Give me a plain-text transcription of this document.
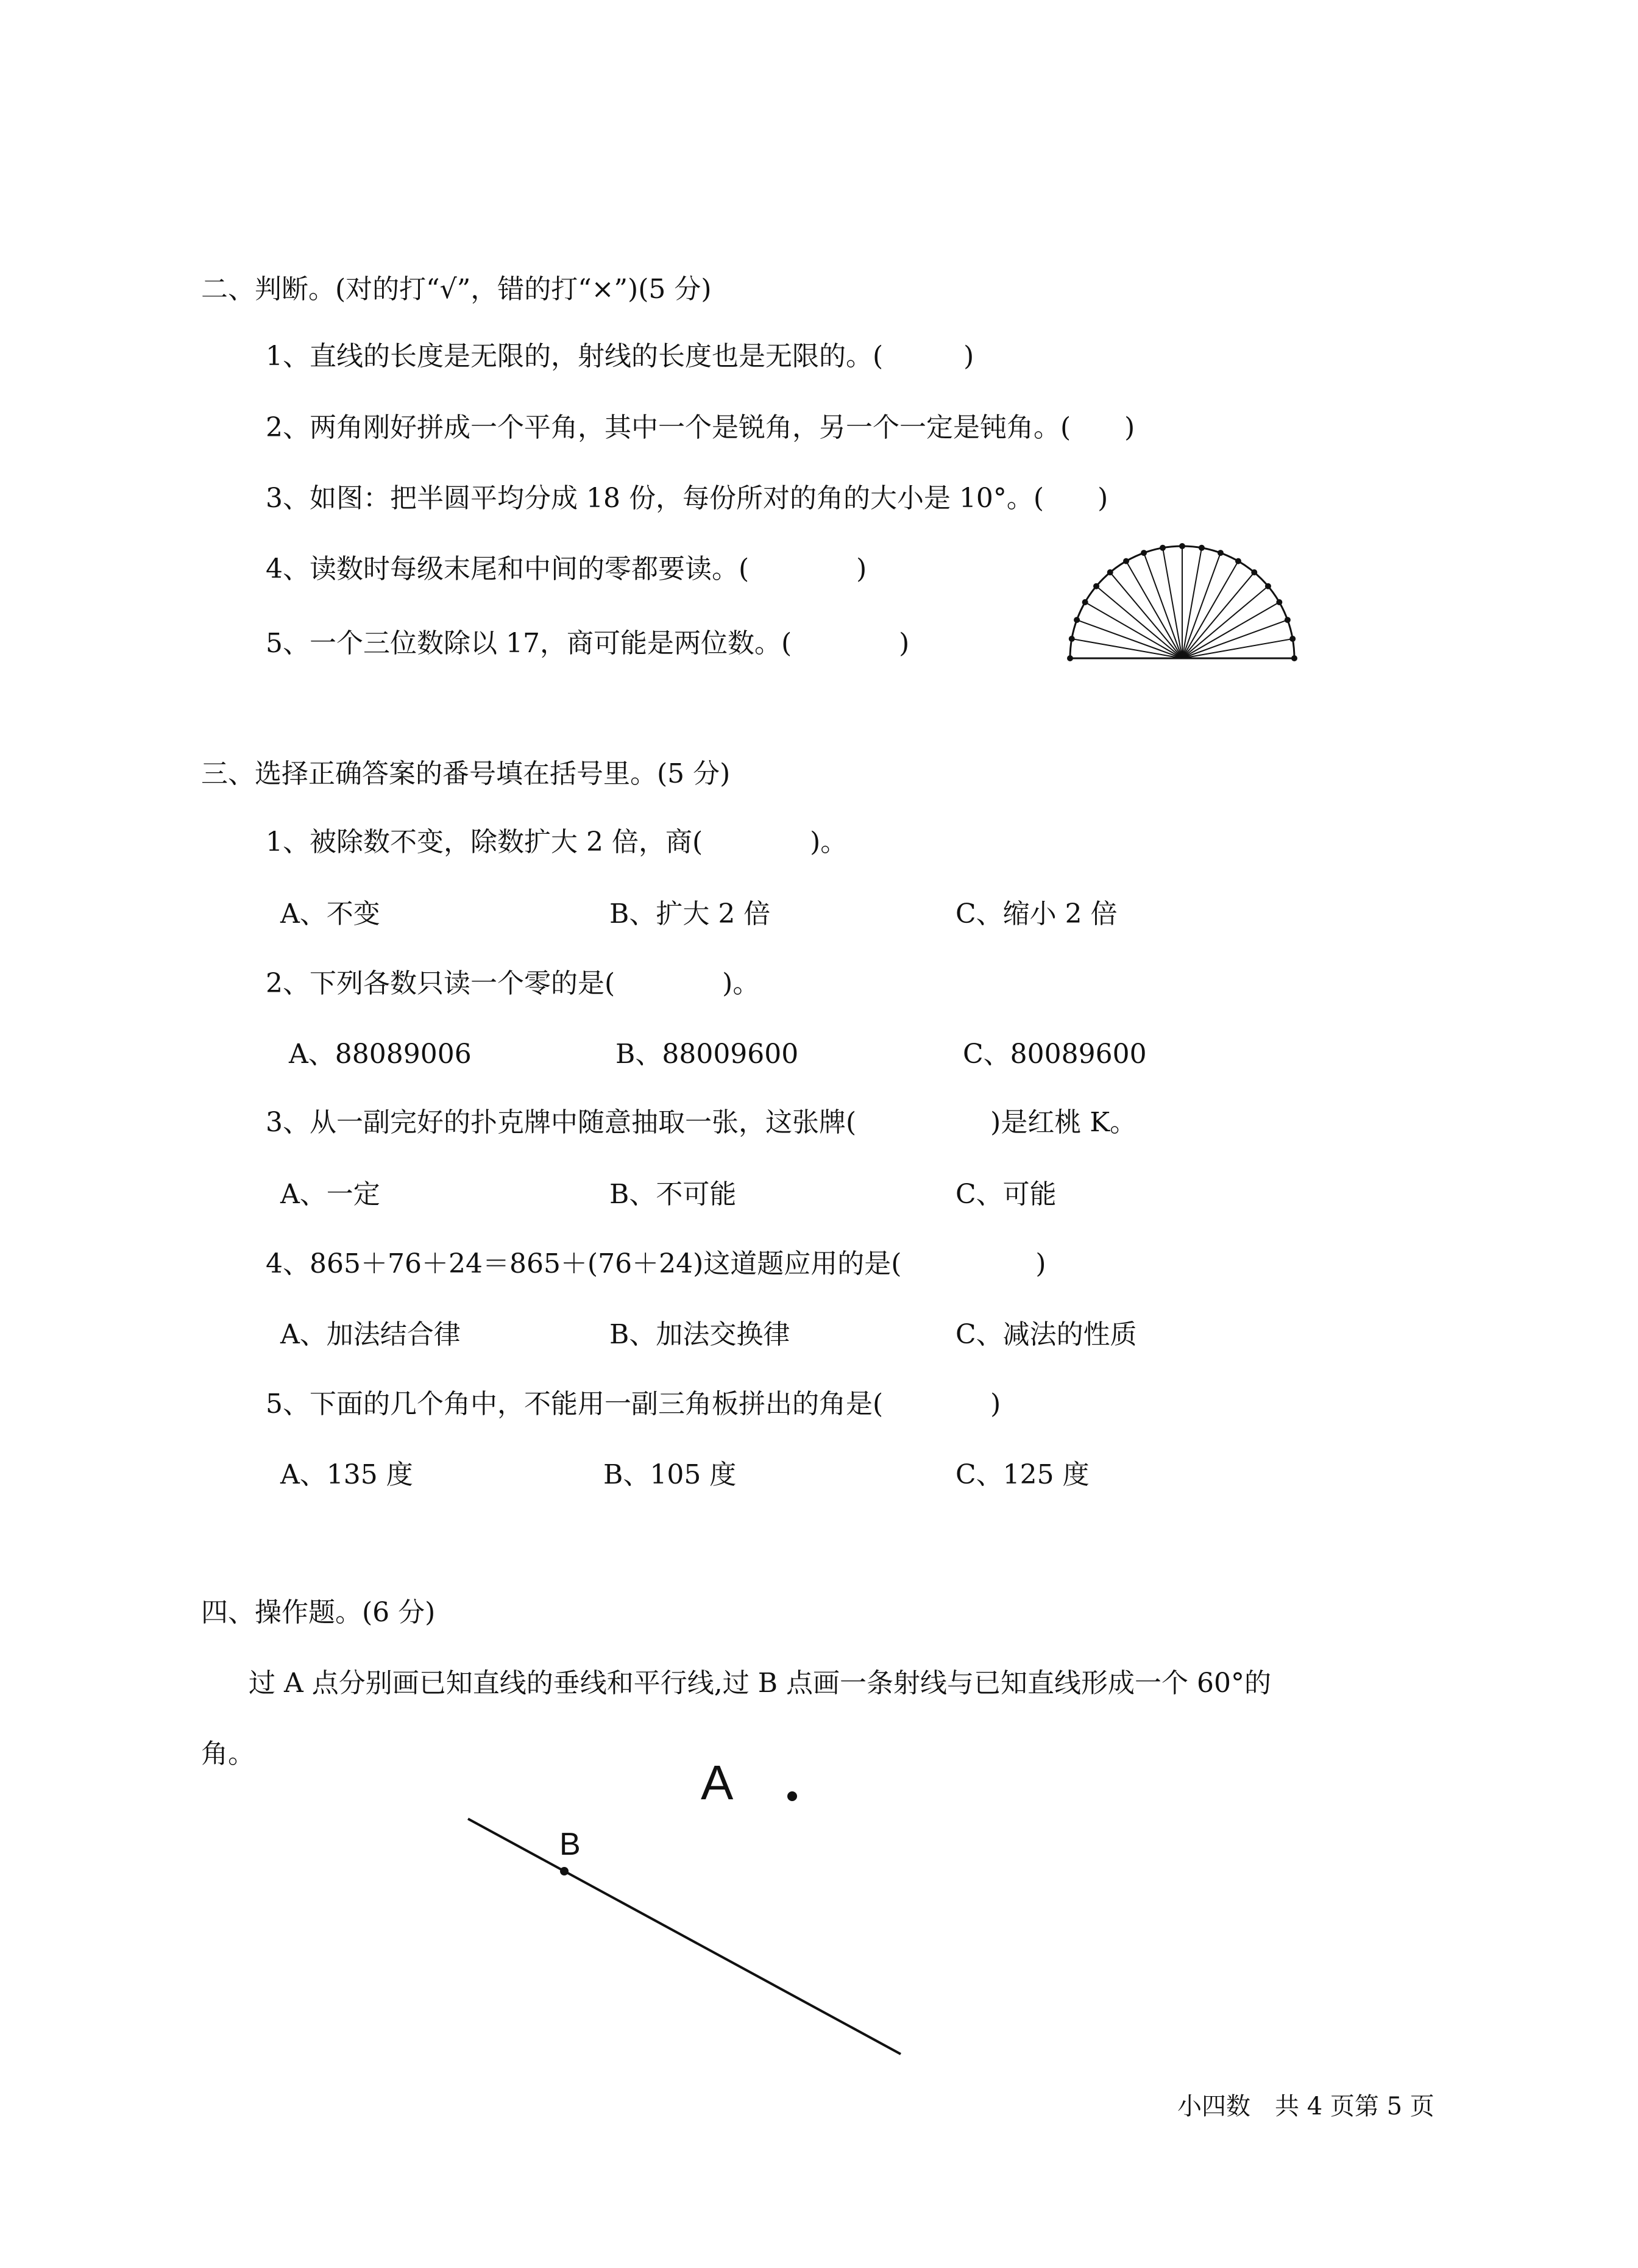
二、判断。(对的打“√”，错的打“×”)(5 分)
1、直线的长度是无限的，射线的长度也是无限的。(　　　)
2、两角刚好拼成一个平角，其中一个是锐角，另一个一定是钝角。(　　)
3、如图：把半圆平均分成 18 份，每份所对的角的大小是 10°。(　　)
4、读数时每级末尾和中间的零都要读。(　　　　)
5、一个三位数除以 17，商可能是两位数。(　　　　)
三、选择正确答案的番号填在括号里。(5 分)
1、被除数不变，除数扩大 2 倍，商(　　　　)。
A、不变	B、扩大 2 倍	C、缩小 2 倍
2、下列各数只读一个零的是(　　　　)。
A、88089006	B、88009600	C、80089600
3、从一副完好的扑克牌中随意抽取一张，这张牌(　　　　　)是红桃 K。
A、一定	B、不可能	C、可能
4、865＋76＋24＝865＋(76＋24)这道题应用的是(　　　　　)
A、加法结合律	B、加法交换律	C、减法的性质
5、下面的几个角中，不能用一副三角板拼出的角是(　　　　)
A、135 度	B、105 度	C、125 度
四、操作题。(6 分)
过 A 点分别画已知直线的垂线和平行线,过 B 点画一条射线与已知直线形成一个 60°的
角。
A
B
小四数　共 4 页第 5 页
